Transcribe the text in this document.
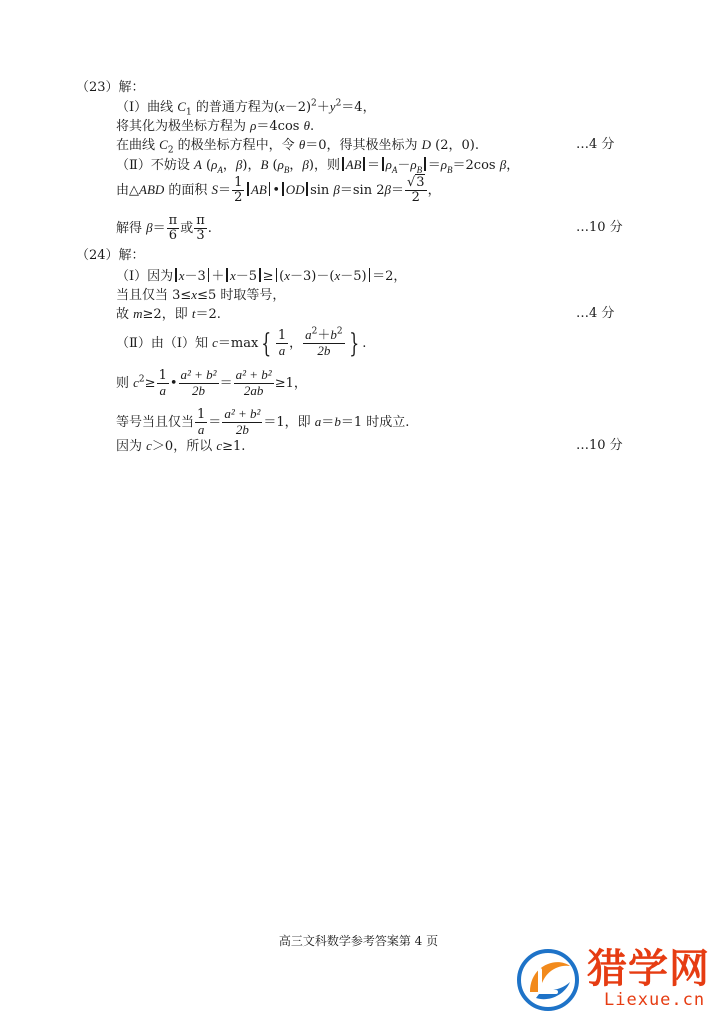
（23）解：
（Ⅰ）曲线 $C_1$ 的普通方程为$(x-2)^2+y^2=4$，
将其化为极坐标方程为 ρ＝4cos θ.
在曲线 $C_2$ 的极坐标方程中，令 θ＝0，得其极坐标为 D (2，0).	…4 分
（Ⅱ）不妨设 A ($\rho_A$，β)，B ($\rho_B$，β)，则 AB ＝ $\rho_A-\rho_B =\rho_B=2\cos$ β，
由△ABD 的面积 $S= \frac{1}{2}$ AB • OD sin β＝sin $2\beta= \frac{√3}{2}$ ，
解得 $\beta= \frac{\pi}{6}$ 或 $\frac{\pi}{3}$ .	…10 分
（24）解：
（Ⅰ）因为 x－3 ＋ x－5 ≥ (x－3)－(x－5) ＝2，
当且仅当 3≤x≤5 时取等号，
故 m≥2，即 t＝2.	…4 分
（Ⅱ）由（Ⅰ）知 c＝max { $\frac{1}{a}$ ， $\frac{a^2+b^2}{2b}$ } .
则 $c^2\ge \frac{1}{a}$ • $\frac{\text{a² + b²}}{2b} = \frac{\text{a² + b²}}{2ab} \ge 1$，
等号当且仅当 $\frac{1}{a} = \frac{\text{a² + b²}}{2b} =1$，即 a＝b＝1 时成立.
因为 c＞0，所以 c≥1.	…10 分
高三文科数学参考答案第 4 页
猎学网
Liexue.cn
